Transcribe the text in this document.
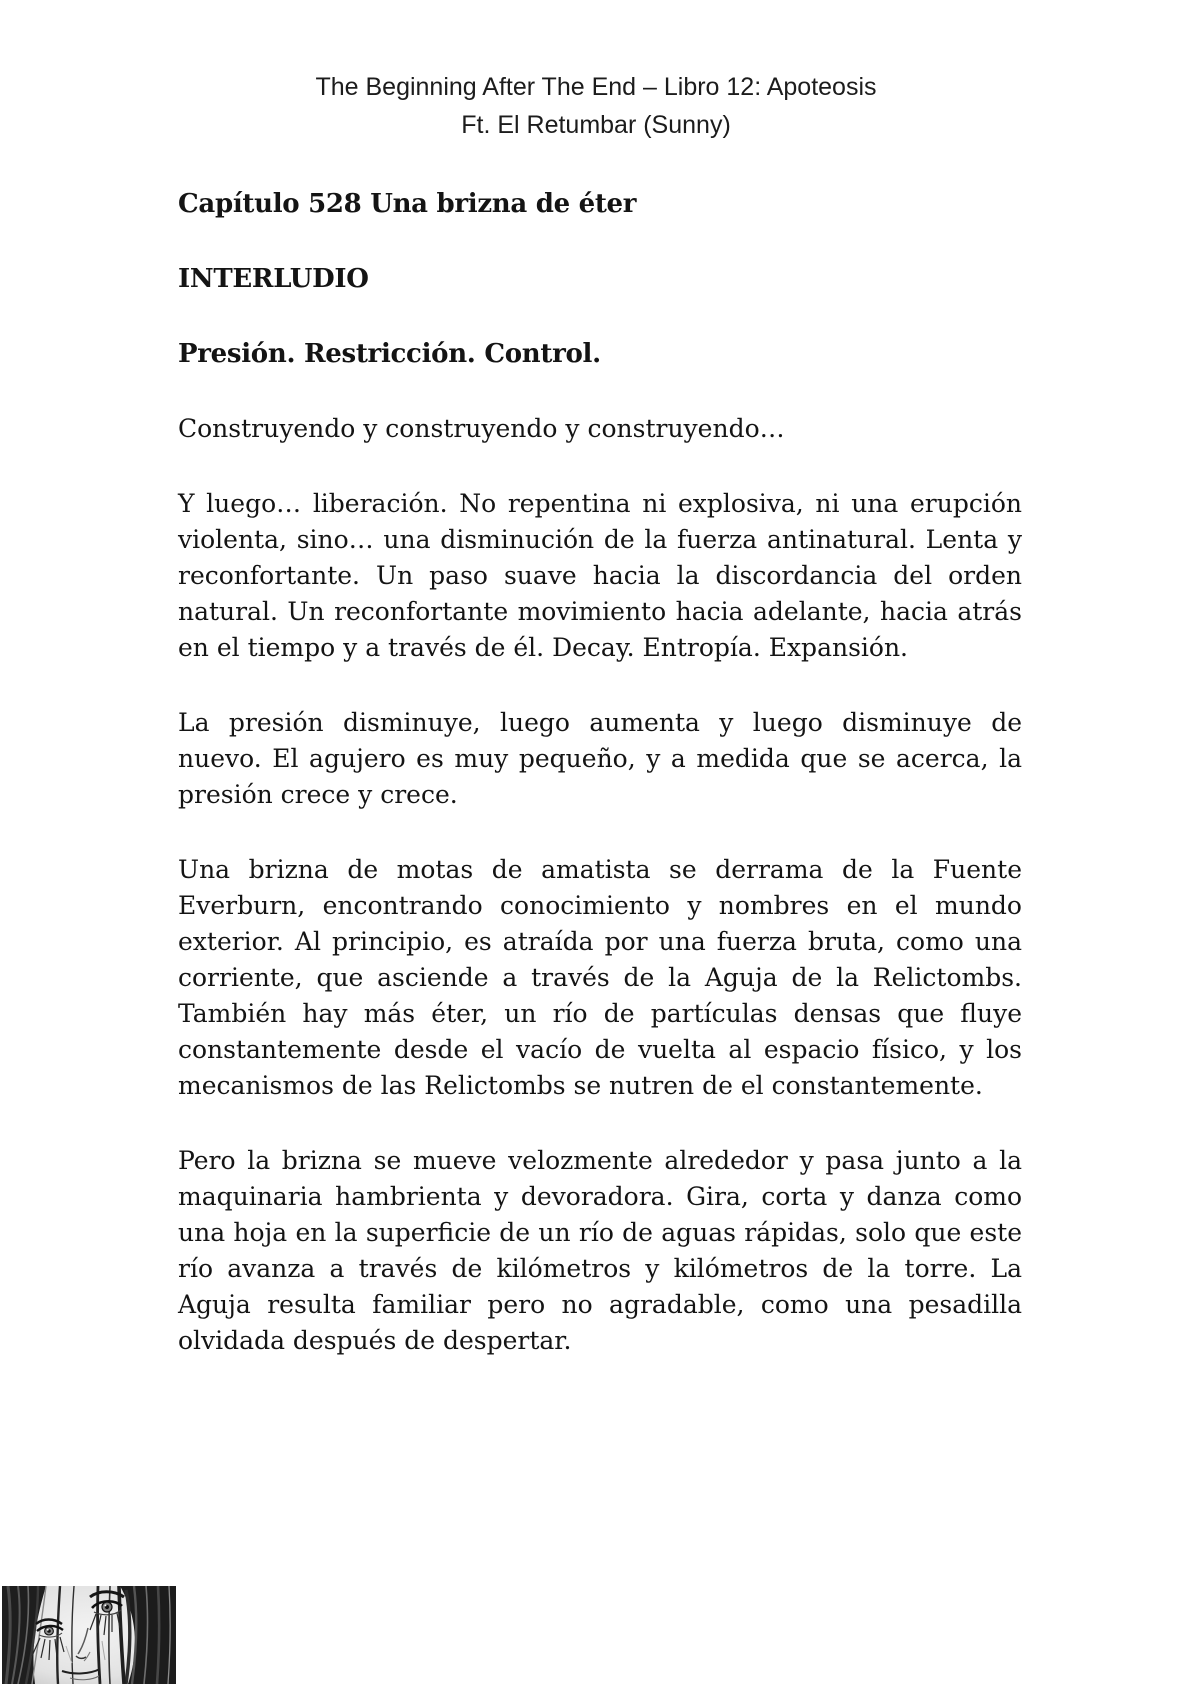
The Beginning After The End – Libro 12: Apoteosis
Ft. El Retumbar (Sunny)
Capítulo 528 Una brizna de éter
INTERLUDIO
Presión. Restricción. Control.

Construyendo y construyendo y construyendo…

Y luego… liberación. No repentina ni explosiva, ni una erupción violenta, sino… una disminución de la fuerza antinatural. Lenta y reconfortante. Un paso suave hacia la discordancia del orden natural. Un reconfortante movimiento hacia adelante, hacia atrás en el tiempo y a través de él. Decay. Entropía. Expansión.

La presión disminuye, luego aumenta y luego disminuye de nuevo. El agujero es muy pequeño, y a medida que se acerca, la presión crece y crece.

Una brizna de motas de amatista se derrama de la Fuente Everburn, encontrando conocimiento y nombres en el mundo exterior. Al principio, es atraída por una fuerza bruta, como una corriente, que asciende a través de la Aguja de la Relictombs. También hay más éter, un río de partículas densas que fluye constantemente desde el vacío de vuelta al espacio físico, y los mecanismos de las Relictombs se nutren de el constantemente.

Pero la brizna se mueve velozmente alrededor y pasa junto a la maquinaria hambrienta y devoradora. Gira, corta y danza como una hoja en la superficie de un río de aguas rápidas, solo que este río avanza a través de kilómetros y kilómetros de la torre. La Aguja resulta familiar pero no agradable, como una pesadilla olvidada después de despertar.
